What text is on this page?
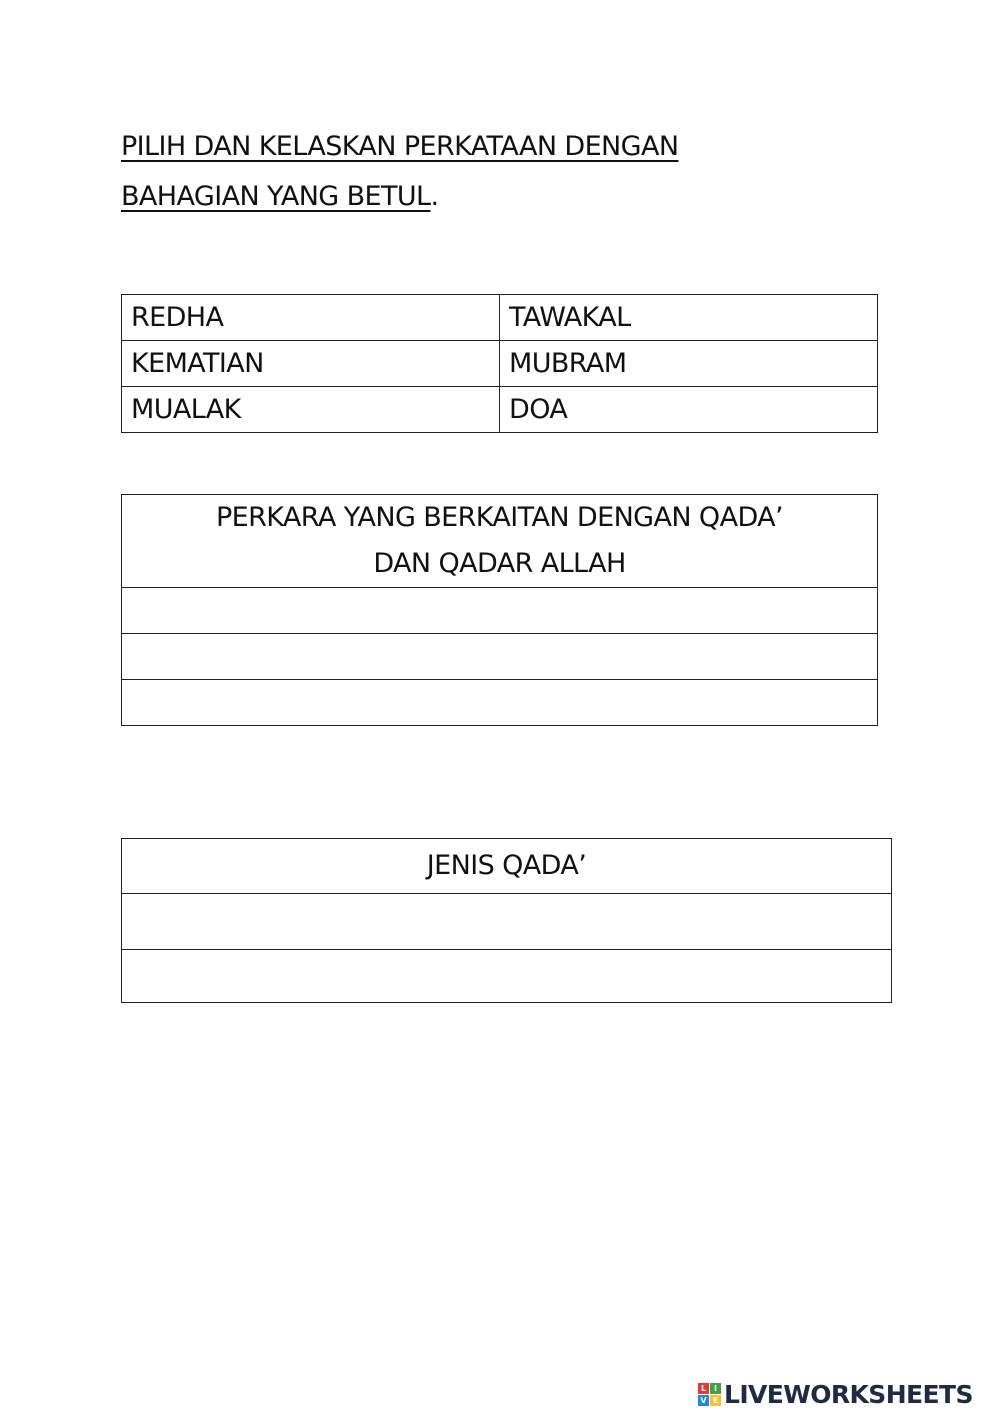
PILIH DAN KELASKAN PERKATAAN DENGAN
BAHAGIAN YANG BETUL.
REDHA	TAWAKAL
KEMATIAN	MUBRAM
MUALAK	DOA
PERKARA YANG BERKAITAN DENGAN QADA’
DAN QADAR ALLAH

JENIS QADA’

L I
V E LIVEWORKSHEETS
